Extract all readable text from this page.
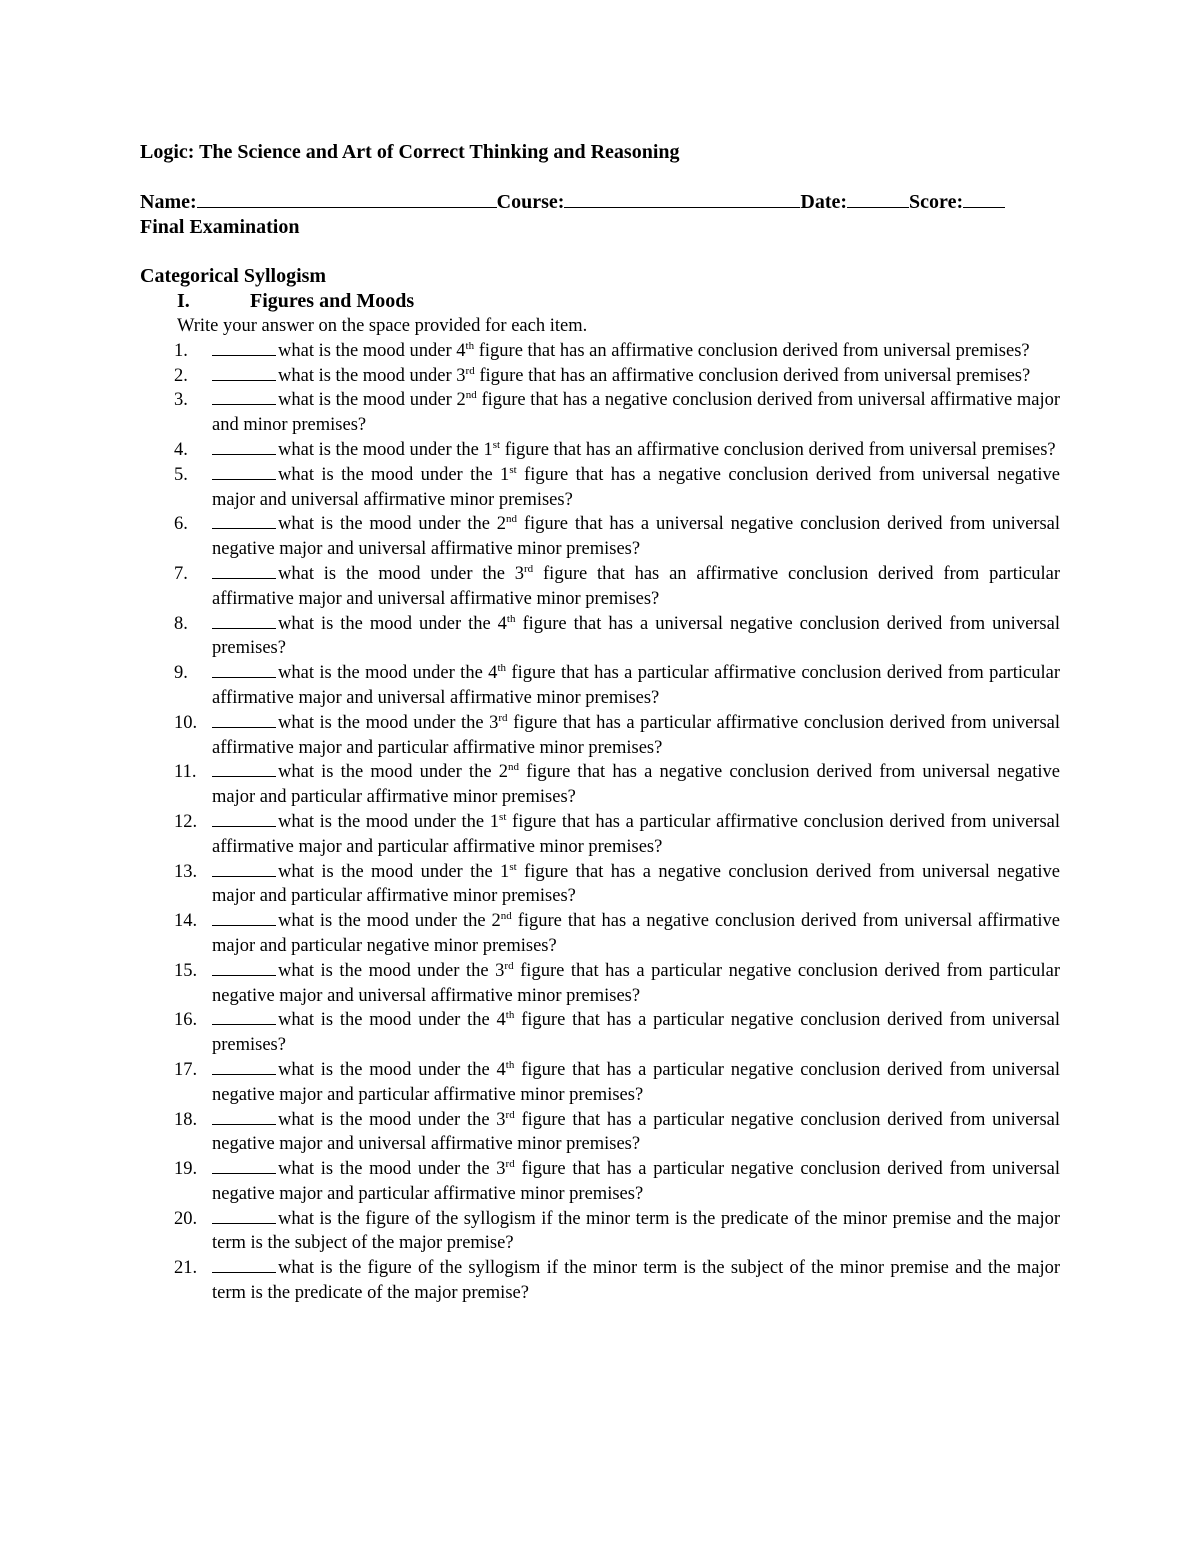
Logic: The Science and Art of Correct Thinking and Reasoning
Name:	Course:	Date:	Score:
Final Examination
Categorical Syllogism
I.	Figures and Moods
Write your answer on the space provided for each item.
1.	what is the mood under 4th figure that has an affirmative conclusion derived from universal premises?
2.	what is the mood under 3rd figure that has an affirmative conclusion derived from universal premises?
3.	what is the mood under 2nd figure that has a negative conclusion derived from universal affirmative major and minor premises?
4.	what is the mood under the 1st figure that has an affirmative conclusion derived from universal premises?
5.	what is the mood under the 1st figure that has a negative conclusion derived from universal negative major and universal affirmative minor premises?
6.	what is the mood under the 2nd figure that has a universal negative conclusion derived from universal negative major and universal affirmative minor premises?
7.	what is the mood under the 3rd figure that has an affirmative conclusion derived from particular affirmative major and universal affirmative minor premises?
8.	what is the mood under the 4th figure that has a universal negative conclusion derived from universal premises?
9.	what is the mood under the 4th figure that has a particular affirmative conclusion derived from particular affirmative major and universal affirmative minor premises?
10.	what is the mood under the 3rd figure that has a particular affirmative conclusion derived from universal affirmative major and particular affirmative minor premises?
11.	what is the mood under the 2nd figure that has a negative conclusion derived from universal negative major and particular affirmative minor premises?
12.	what is the mood under the 1st figure that has a particular affirmative conclusion derived from universal affirmative major and particular affirmative minor premises?
13.	what is the mood under the 1st figure that has a negative conclusion derived from universal negative major and particular affirmative minor premises?
14.	what is the mood under the 2nd figure that has a negative conclusion derived from universal affirmative major and particular negative minor premises?
15.	what is the mood under the 3rd figure that has a particular negative conclusion derived from particular negative major and universal affirmative minor premises?
16.	what is the mood under the 4th figure that has a particular negative conclusion derived from universal premises?
17.	what is the mood under the 4th figure that has a particular negative conclusion derived from universal negative major and particular affirmative minor premises?
18.	what is the mood under the 3rd figure that has a particular negative conclusion derived from universal negative major and universal affirmative minor premises?
19.	what is the mood under the 3rd figure that has a particular negative conclusion derived from universal negative major and particular affirmative minor premises?
20.	what is the figure of the syllogism if the minor term is the predicate of the minor premise and the major term is the subject of the major premise?
21.	what is the figure of the syllogism if the minor term is the subject of the minor premise and the major term is the predicate of the major premise?
